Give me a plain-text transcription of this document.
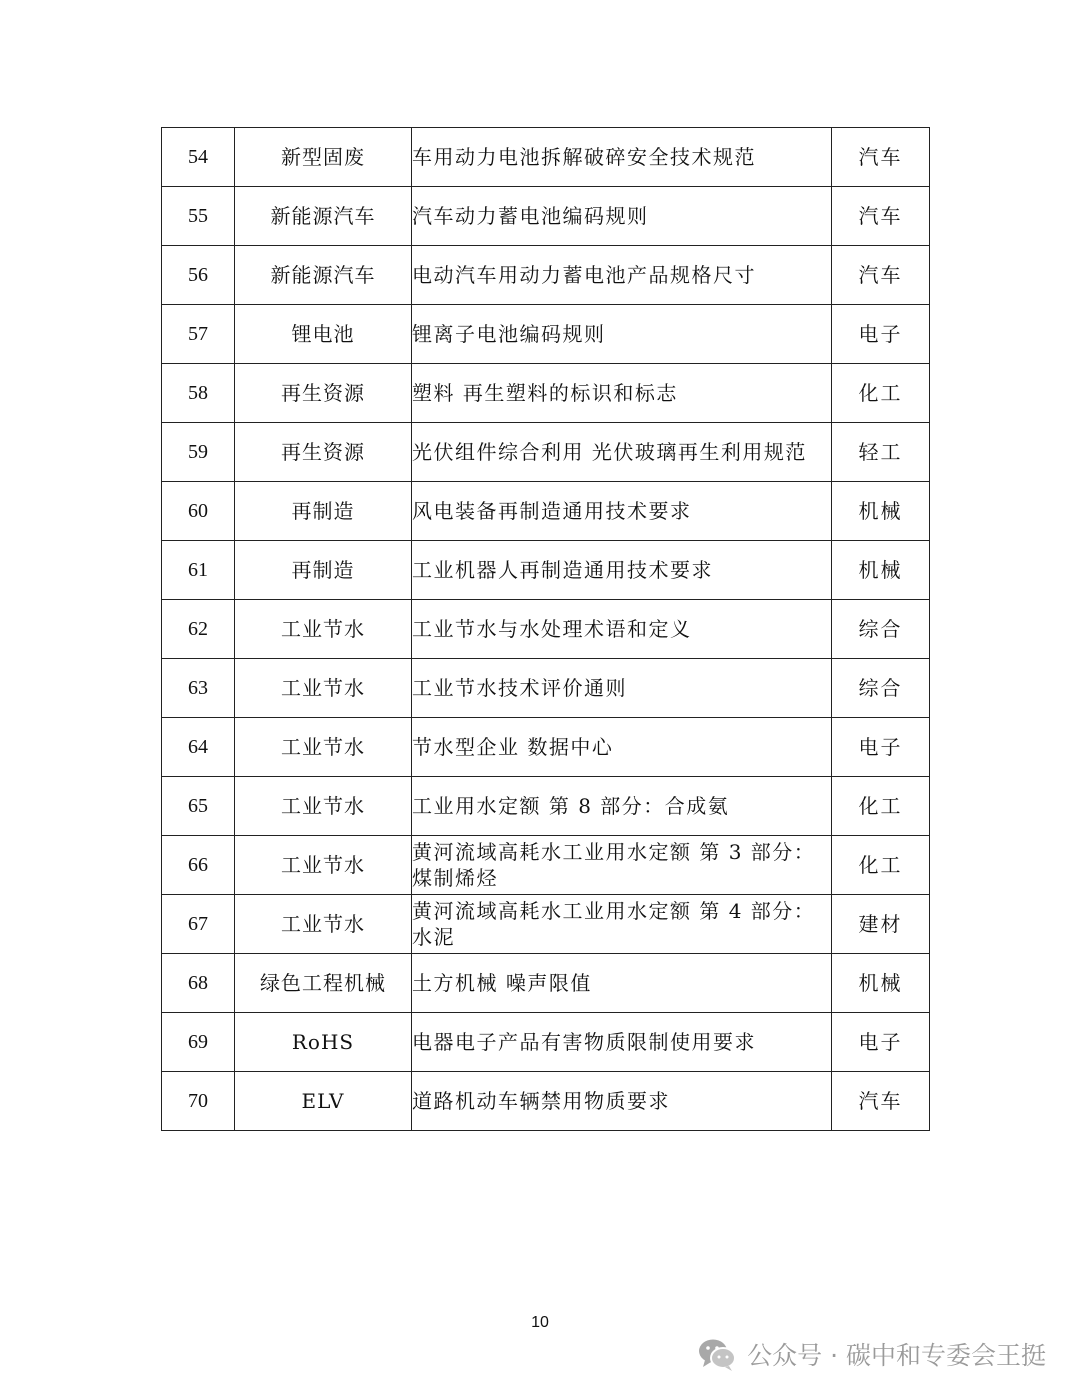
54	新型固废	车用动力电池拆解破碎安全技术规范	汽车
55	新能源汽车	汽车动力蓄电池编码规则	汽车
56	新能源汽车	电动汽车用动力蓄电池产品规格尺寸	汽车
57	锂电池	锂离子电池编码规则	电子
58	再生资源	塑料 再生塑料的标识和标志	化工
59	再生资源	光伏组件综合利用 光伏玻璃再生利用规范	轻工
60	再制造	风电装备再制造通用技术要求	机械
61	再制造	工业机器人再制造通用技术要求	机械
62	工业节水	工业节水与水处理术语和定义	综合
63	工业节水	工业节水技术评价通则	综合
64	工业节水	节水型企业 数据中心	电子
65	工业节水	工业用水定额 第 8 部分：合成氨	化工
66	工业节水	黄河流域高耗水工业用水定额 第 3 部分：煤制烯烃	化工
67	工业节水	黄河流域高耗水工业用水定额 第 4 部分：水泥	建材
68	绿色工程机械	土方机械 噪声限值	机械
69	RoHS	电器电子产品有害物质限制使用要求	电子
70	ELV	道路机动车辆禁用物质要求	汽车
10
公众号 · 碳中和专委会王挺
